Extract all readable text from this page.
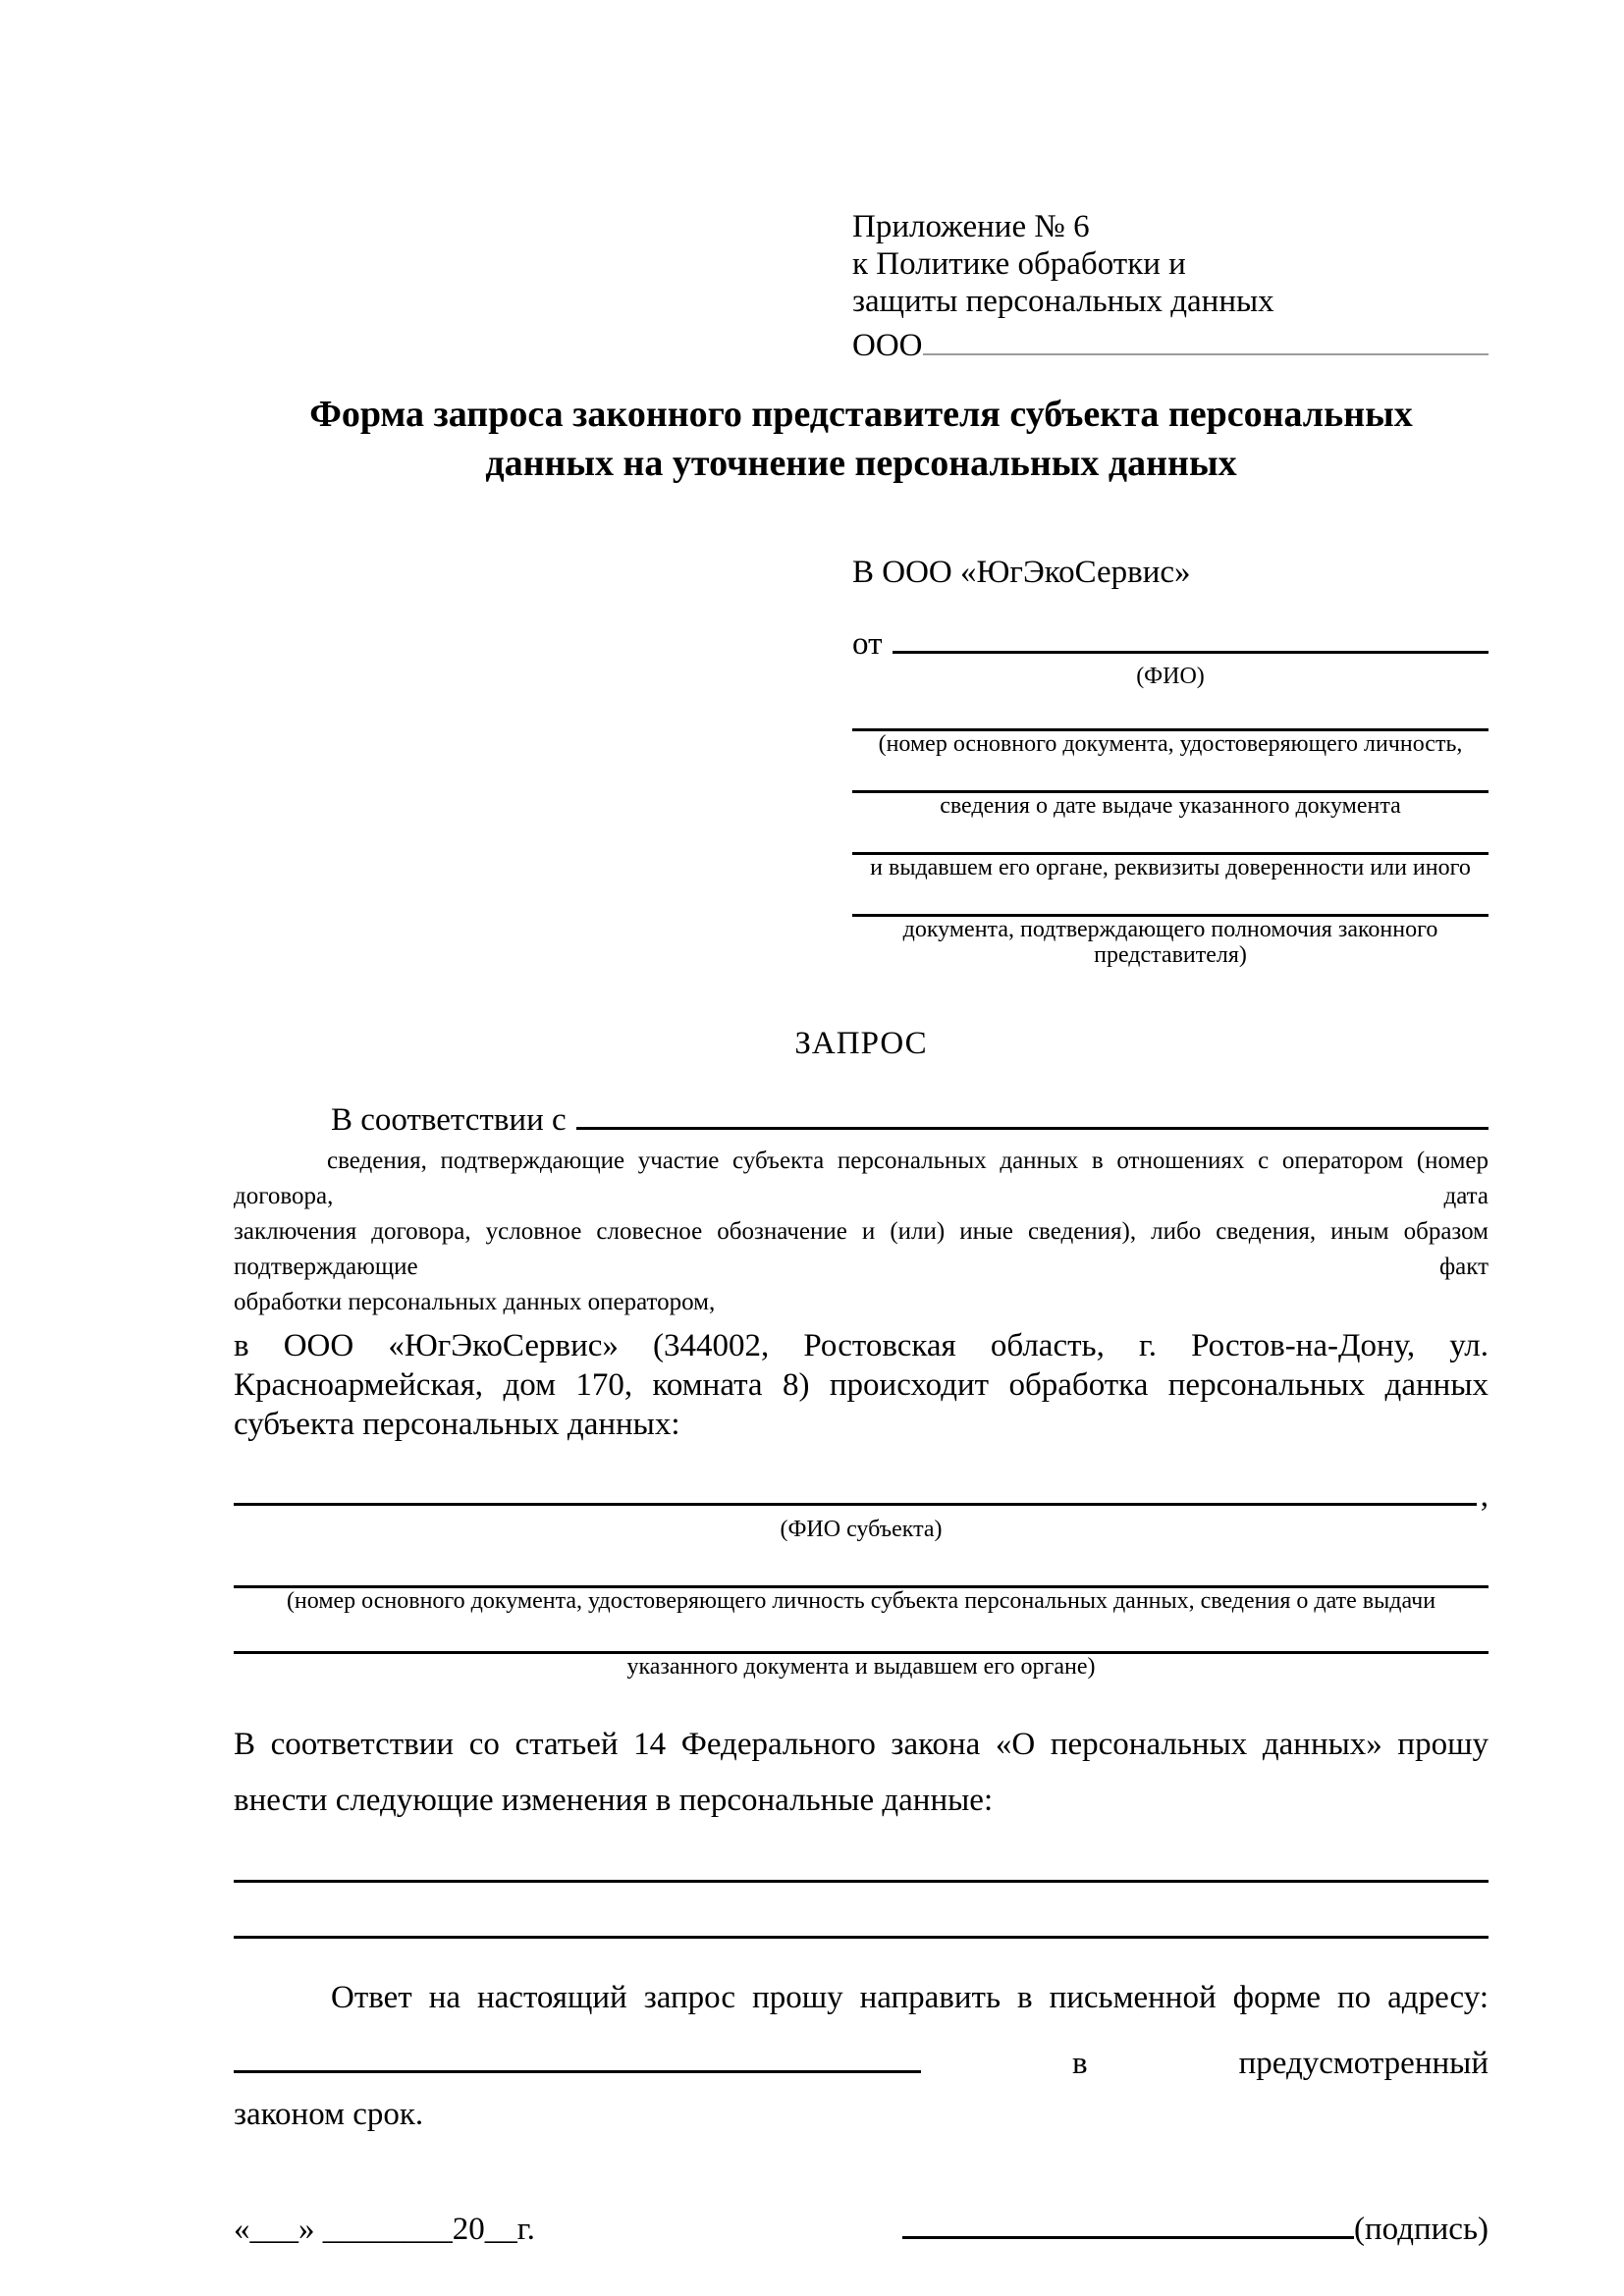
Приложение № 6
к Политике обработки и
защиты персональных данных
ООО
Форма запроса законного представителя субъекта персональных
данных на уточнение персональных данных
В ООО «ЮгЭкоСервис»
от
(ФИО)
(номер основного документа, удостоверяющего личность,
сведения о дате выдаче указанного документа
и выдавшем его органе, реквизиты доверенности или иного
документа, подтверждающего полномочия законного представителя)
ЗАПРОС
В соответствии с
сведения, подтверждающие участие субъекта персональных данных в отношениях с оператором (номер договора, дата
заключения договора, условное словесное обозначение и (или) иные сведения), либо сведения, иным образом подтверждающие факт
обработки персональных данных оператором,
в ООО «ЮгЭкоСервис» (344002, Ростовская область, г. Ростов-на-Дону, ул.
Красноармейская, дом 170, комната 8) происходит обработка персональных данных
субъекта персональных данных:
,
(ФИО субъекта)
(номер основного документа, удостоверяющего личность субъекта персональных данных, сведения о дате выдачи
указанного документа и выдавшем его органе)
В соответствии со статьей 14 Федерального закона «О персональных данных» прошу
внести следующие изменения в персональные данные:
Ответ на настоящий запрос прошу направить в письменной форме по адресу:
в	предусмотренный
законом срок.
«___» ________20__г.	(подпись)
